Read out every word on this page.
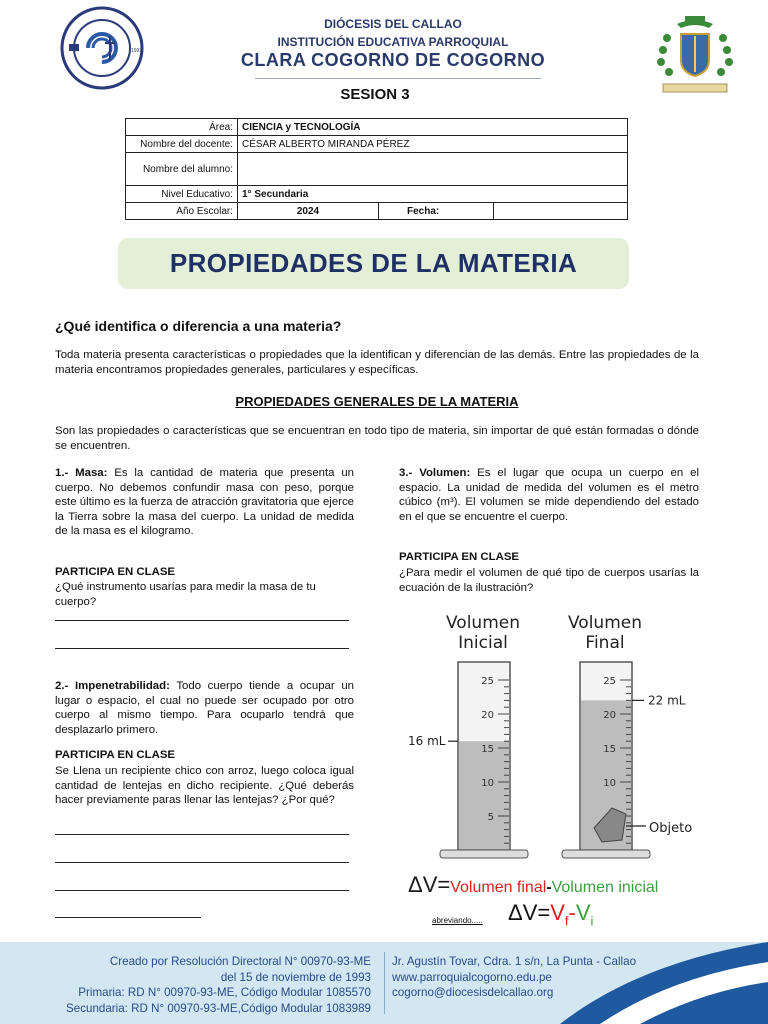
1993
DIÓCESIS DEL CALLAO
INSTITUCIÓN EDUCATIVA PARROQUIAL
CLARA COGORNO DE COGORNO
SESION 3
Área:	CIENCIA y TECNOLOGÍA		
Nombre del docente:	CÉSAR ALBERTO MIRANDA PÉREZ		
Nombre del alumno:			
Nivel Educativo:	1° Secundaria		
Año Escolar:	2024	Fecha:	
PROPIEDADES DE LA MATERIA
¿Qué identifica o diferencia a una materia?
Toda materia presenta características o propiedades que la identifican y diferencian de las demás. Entre las propiedades de la materia encontramos propiedades generales, particulares y específicas.
PROPIEDADES GENERALES DE LA MATERIA
Son las propiedades o características que se encuentran en todo tipo de materia, sin importar de qué están formadas o dónde se encuentren.
1.- Masa: Es la cantidad de materia que presenta un cuerpo. No debemos confundir masa con peso, porque este último es la fuerza de atracción gravitatoria que ejerce la Tierra sobre la masa del cuerpo. La unidad de medida de la masa es el kilogramo.
PARTICIPA EN CLASE
¿Qué instrumento usarías para medir la masa de tu cuerpo?
2.- Impenetrabilidad: Todo cuerpo tiende a ocupar un lugar o espacio, el cual no puede ser ocupado por otro cuerpo al mismo tiempo. Para ocuparlo tendrá que desplazarlo primero.
PARTICIPA EN CLASE
Se Llena un recipiente chico con arroz, luego coloca igual cantidad de lentejas en dicho recipiente. ¿Qué deberás hacer previamente paras llenar las lentejas? ¿Por qué?
3.- Volumen: Es el lugar que ocupa un cuerpo en el espacio. La unidad de medida del volumen es el metro cúbico (m³). El volumen se mide dependiendo del estado en el que se encuentre el cuerpo.
PARTICIPA EN CLASE
¿Para medir el volumen de qué tipo de cuerpos usarías la ecuación de la ilustración?
Volumen
Inicial
Volumen
Final
5
10
15
20
25
16 mL
10
15
20
25
Objeto
22 mL
ΔV=Volumen final-Volumen inicial
abreviando..... $\Delta V=V_f-V_i$
Creado por Resolución Directoral N° 00970-93-ME
del 15 de noviembre de 1993
Primaria: RD N° 00970-93-ME, Código Modular 1085570
Secundaria: RD N° 00970-93-ME,Código Modular 1083989
Jr. Agustín Tovar, Cdra. 1 s/n, La Punta - Callao
www.parroquialcogorno.edu.pe
cogorno@diocesisdelcallao.org
